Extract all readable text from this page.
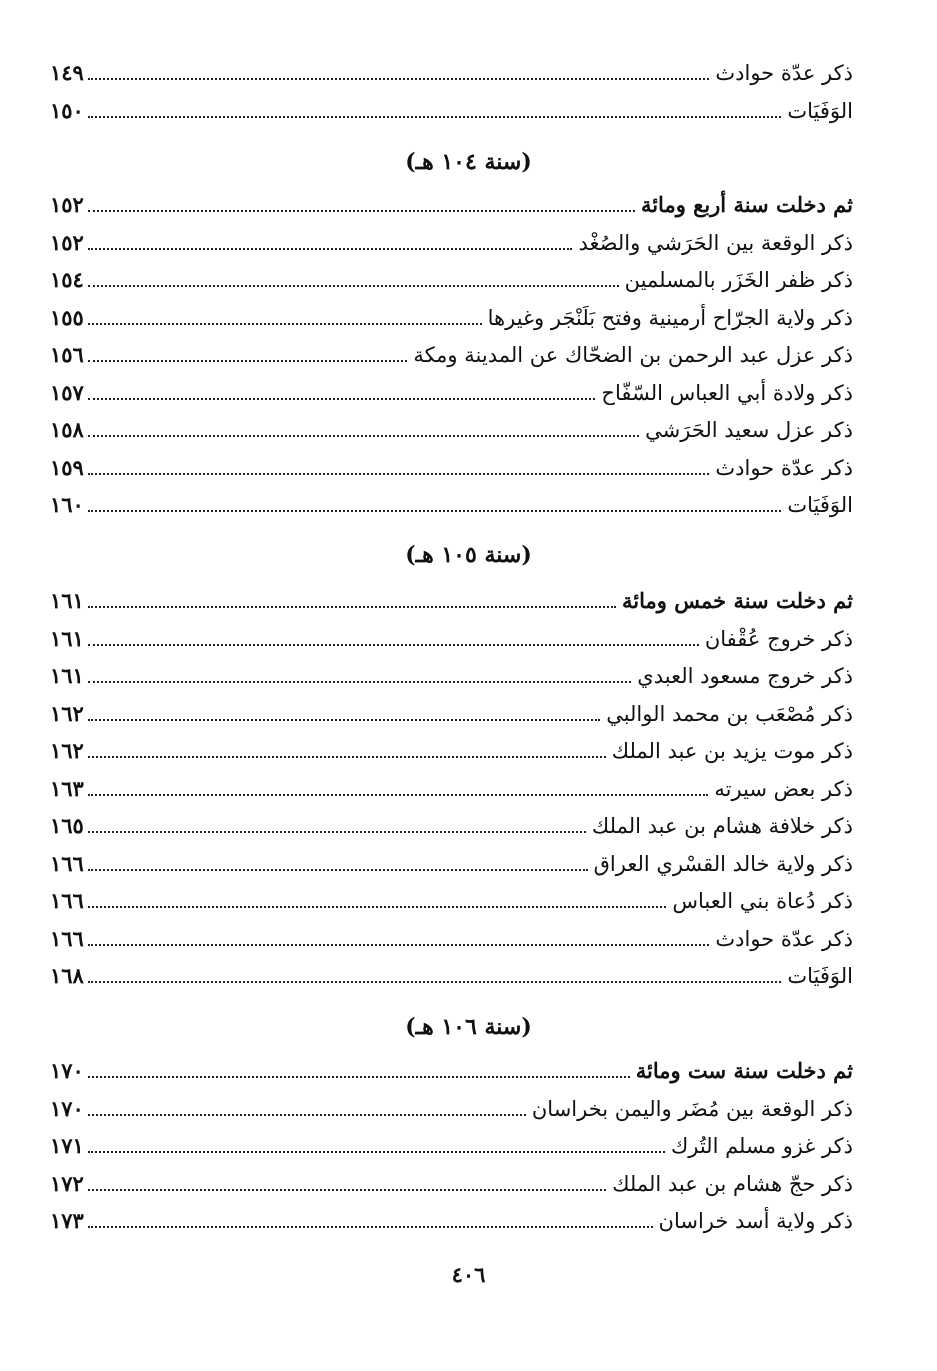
ذكر عدّة حوادث
١٤٩
الوَفَيَات
١٥٠
(سنة ١٠٤ هـ)
ثم دخلت سنة أربع ومائة
١٥٢
ذكر الوقعة بين الحَرَشي والصُغْد
١٥٢
ذكر ظفر الخَزَر بالمسلمين
١٥٤
ذكر ولاية الجرّاح أرمينية وفتح بَلَنْجَر وغيرها
١٥٥
ذكر عزل عبد الرحمن بن الضحّاك عن المدينة ومكة
١٥٦
ذكر ولادة أبي العباس السّفّاح
١٥٧
ذكر عزل سعيد الحَرَشي
١٥٨
ذكر عدّة حوادث
١٥٩
الوَفَيَات
١٦٠
(سنة ١٠٥ هـ)
ثم دخلت سنة خمس ومائة
١٦١
ذكر خروج عُقْفان
١٦١
ذكر خروج مسعود العبدي
١٦١
ذكر مُصْعَب بن محمد الوالبي
١٦٢
ذكر موت يزيد بن عبد الملك
١٦٢
ذكر بعض سيرته
١٦٣
ذكر خلافة هشام بن عبد الملك
١٦٥
ذكر ولاية خالد القسْري العراق
١٦٦
ذكر دُعاة بني العباس
١٦٦
ذكر عدّة حوادث
١٦٦
الوَفَيَات
١٦٨
(سنة ١٠٦ هـ)
ثم دخلت سنة ست ومائة
١٧٠
ذكر الوقعة بين مُضَر واليمن بخراسان
١٧٠
ذكر غزو مسلم التُرك
١٧١
ذكر حجّ هشام بن عبد الملك
١٧٢
ذكر ولاية أسد خراسان
١٧٣
٤٠٦
